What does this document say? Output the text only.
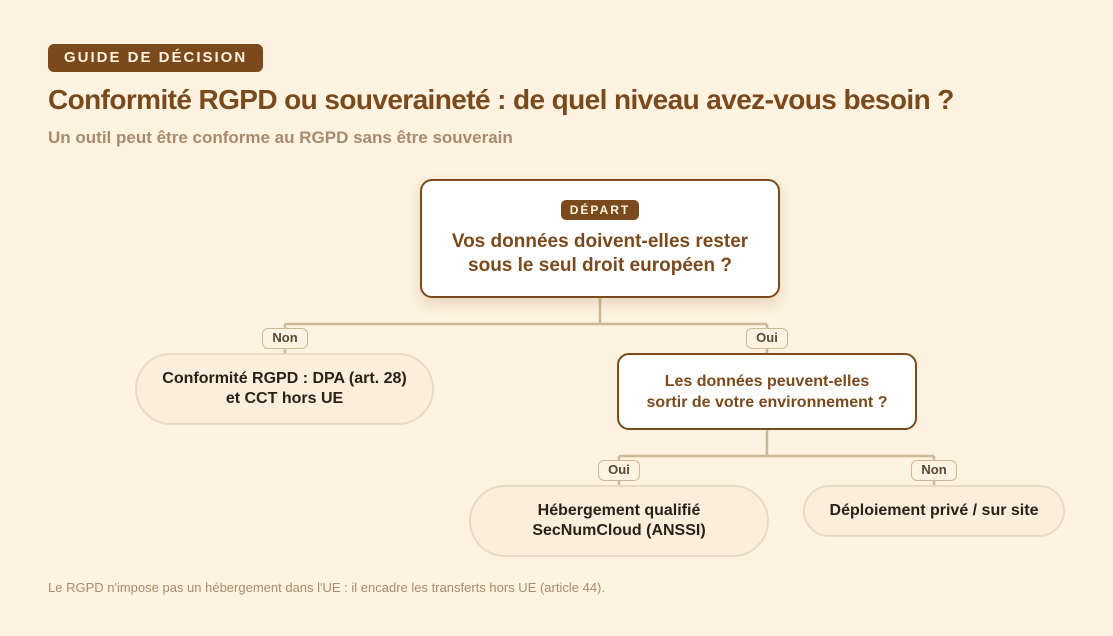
GUIDE DE DÉCISION
Conformité RGPD ou souveraineté : de quel niveau avez-vous besoin ?

Un outil peut être conforme au RGPD sans être souverain

DÉPART
Vos données doivent-elles rester
sous le seul droit européen ?
Non	Oui
Conformité RGPD : DPA (art. 28)
et CCT hors UE
Les données peuvent-elles
sortir de votre environnement ?
Oui	Non
Hébergement qualifié
SecNumCloud (ANSSI)
Déploiement privé / sur site

Le RGPD n'impose pas un hébergement dans l'UE : il encadre les transferts hors UE (article 44).
